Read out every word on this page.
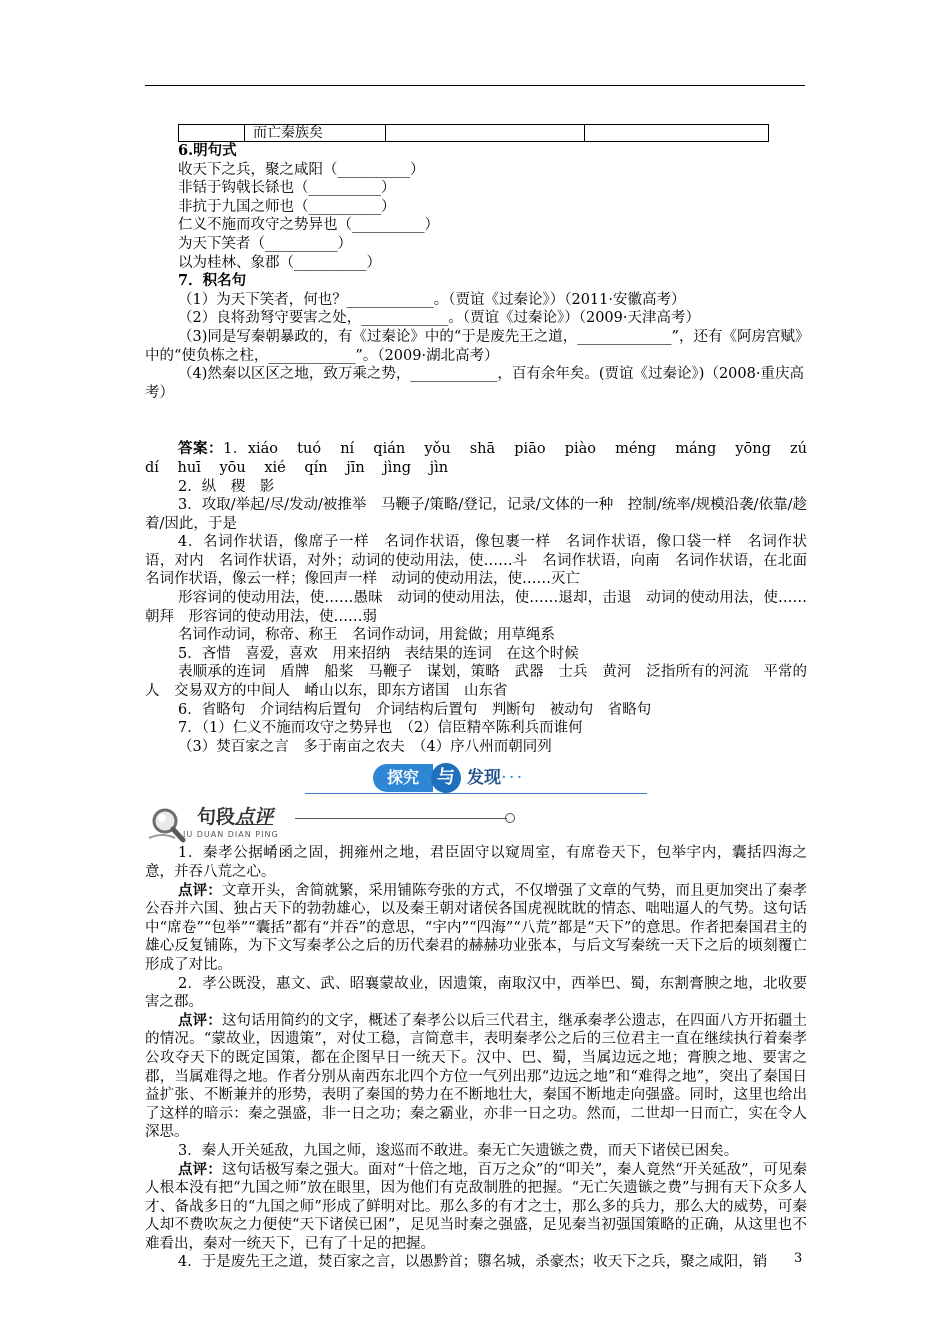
	而亡秦族矣		

6.明句式

收天下之兵，聚之咸阳（__________）

非铦于钩戟长铩也（__________）

非抗于九国之师也（__________）

仁义不施而攻守之势异也（__________）

为天下笑者（__________）

以为桂林、象郡（__________）

7．积名句

（1）为天下笑者，何也？____________。（贾谊《过秦论》）（2011·安徽高考）

（2）良将劲弩守要害之处，____________。（贾谊《过秦论》）（2009·天津高考）

（3)同是写秦朝暴政的，有《过秦论》中的“于是废先王之道，_____________”，还有《阿房宫赋》中的“使负栋之柱，____________”。（2009·湖北高考）

（4)然秦以区区之地，致万乘之势，____________，百有余年矣。(贾谊《过秦论》)（2008·重庆高考）

答案：1．xiáo tuó ní qián yǒu shā piāo piào méng máng yōng zú dí huī yōu xié qín jīn jìng jìn

2．纵　稷　影

3．攻取/举起/尽/发动/被推举　马鞭子/策略/登记，记录/文体的一种　控制/统率/规模沿袭/依靠/趁着/因此，于是

4．名词作状语，像席子一样　名词作状语，像包裹一样　名词作状语，像口袋一样　名词作状语，对内　名词作状语，对外；动词的使动用法，使……斗　名词作状语，向南　名词作状语，在北面　名词作状语，像云一样；像回声一样　动词的使动用法，使……灭亡

形容词的使动用法，使……愚昧　动词的使动用法，使……退却，击退　动词的使动用法，使……朝拜　形容词的使动用法，使……弱

名词作动词，称帝、称王　名词作动词，用瓮做；用草绳系

5．吝惜　喜爱，喜欢　用来招纳　表结果的连词　在这个时候

表顺承的连词　盾牌　船桨　马鞭子　谋划，策略　武器　士兵　黄河　泛指所有的河流　平常的人　交易双方的中间人　崤山以东，即东方诸国　山东省

6．省略句　介词结构后置句　介词结构后置句　判断句　被动句　省略句

7．（1）仁义不施而攻守之势异也　（2）信臣精卒陈利兵而谁何

（3）焚百家之言　多于南亩之农夫　（4）序八州而朝同列

探究	与 发现 ···
句段点评
JU DUAN DIAN PING

1．秦孝公据崤函之固，拥雍州之地，君臣固守以窥周室，有席卷天下，包举宇内，囊括四海之意，并吞八荒之心。

点评：文章开头，舍简就繁，采用铺陈夸张的方式，不仅增强了文章的气势，而且更加突出了秦孝公吞并六国、独占天下的勃勃雄心，以及秦王朝对诸侯各国虎视眈眈的情态、咄咄逼人的气势。这句话中“席卷”“包举”“囊括”都有“并吞”的意思，“宇内”“四海”“八荒”都是“天下”的意思。作者把秦国君主的雄心反复铺陈，为下文写秦孝公之后的历代秦君的赫赫功业张本，与后文写秦统一天下之后的顷刻覆亡形成了对比。

2．孝公既没，惠文、武、昭襄蒙故业，因遗策，南取汉中，西举巴、蜀，东割膏腴之地，北收要害之郡。

点评：这句话用简约的文字，概述了秦孝公以后三代君主，继承秦孝公遗志，在四面八方开拓疆土的情况。“蒙故业，因遗策”，对仗工稳，言简意丰，表明秦孝公之后的三位君主一直在继续执行着秦孝公攻夺天下的既定国策，都在企图早日一统天下。汉中、巴、蜀，当属边远之地；膏腴之地、要害之郡，当属难得之地。作者分别从南西东北四个方位一气列出那“边远之地”和“难得之地”，突出了秦国日益扩张、不断兼并的形势，表明了秦国的势力在不断地壮大，秦国不断地走向强盛。同时，这里也给出了这样的暗示：秦之强盛，非一日之功；秦之霸业，亦非一日之功。然而，二世却一日而亡，实在令人深思。

3．秦人开关延敌，九国之师，逡巡而不敢进。秦无亡矢遗镞之费，而天下诸侯已困矣。

点评：这句话极写秦之强大。面对“十倍之地，百万之众”的“叩关”，秦人竟然“开关延敌”，可见秦人根本没有把“九国之师”放在眼里，因为他们有克敌制胜的把握。“无亡矢遗镞之费”与拥有天下众多人才、备战多日的“九国之师”形成了鲜明对比。那么多的有才之士，那么多的兵力，那么大的威势，可秦人却不费吹灰之力便使“天下诸侯已困”，足见当时秦之强盛，足见秦当初强国策略的正确，从这里也不难看出，秦对一统天下，已有了十足的把握。

4．于是废先王之道，焚百家之言，以愚黔首；隳名城，杀豪杰；收天下之兵，聚之咸阳，销	3
